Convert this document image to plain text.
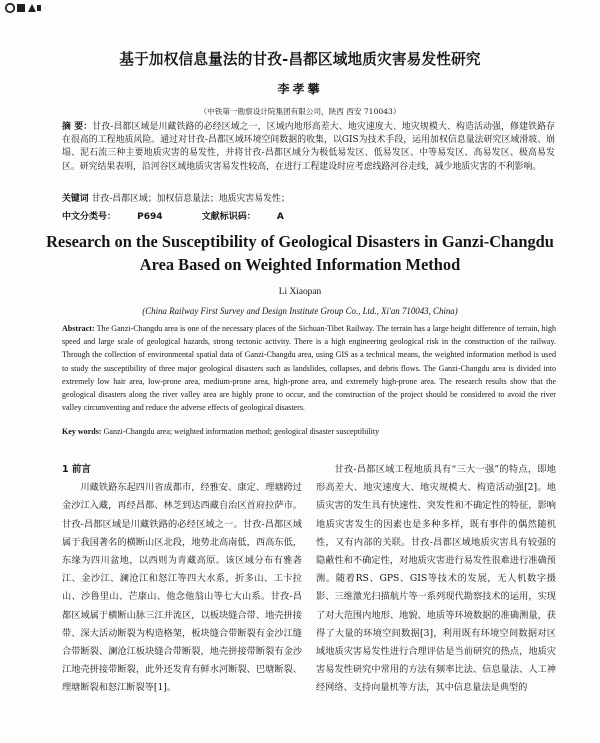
基于加权信息量法的甘孜-昌都区域地质灾害易发性研究
李孝攀
（中铁第一勘察设计院集团有限公司，陕西 西安 710043）
摘 要：甘孜-昌都区域是川藏铁路的必经区域之一，区域内地形高差大、地灾速度大、地灾规模大、构造活动强，修建铁路存在很高的工程地质风险。通过对甘孜-昌都区域环境空间数据的收集，以GIS为技术手段，运用加权信息量法研究区域滑坡、崩塌、泥石流三种主要地质灾害的易发性，并将甘孜-昌都区域分为极低易发区、低易发区、中等易发区、高易发区、极高易发区。研究结果表明，沿河谷区域地质灾害易发性较高，在进行工程建设时应考虑线路河谷走线，减少地质灾害的不利影响。
关键词 甘孜-昌都区域；加权信息量法；地质灾害易发性；
中文分类号： P694	文献标识码： A
Research on the Susceptibility of Geological Disasters in Ganzi-Changdu
Area Based on Weighted Information Method
Li Xiaopan
(China Railway First Survey and Design Institute Group Co., Ltd., Xi'an 710043, China)
Abstract: The Ganzi-Changdu area is one of the necessary places of the Sichuan-Tibet Railway. The terrain has a large height difference of terrain, high speed and large scale of geological hazards, strong tectonic activity. There is a high engineering geological risk in the construction of the railway. Through the collection of environmental spatial data of Ganzi-Changdu area, using GIS as a technical means, the weighted information method is used to study the susceptibility of three major geological disasters such as landslides, collapses, and debris flows. The Ganzi-Changdu area is divided into extremely low hair area, low-prone area, medium-prone area, high-prone area, and extremely high-prone area. The research results show that the geological disasters along the river valley area are highly prone to occur, and the construction of the project should be considered to avoid the river valley circumventing and reduce the adverse effects of geological disasters.
Key words: Ganzi-Changdu area; weighted information method; geological disaster susceptibility
1 前言

川藏铁路东起四川省成都市，经雅安、康定、理塘跨过金沙江入藏，再经昌都、林芝到达西藏自治区首府拉萨市。甘孜-昌都区域是川藏铁路的必经区域之一。甘孜-昌都区域属于我国著名的横断山区北段，地势北高南低，西高东低，东缘为四川盆地，以西则为青藏高原。该区域分布有雅砻江、金沙江、澜沧江和怒江等四大水系，折多山、工卡拉山、沙鲁里山、芒康山、他念他翁山等七大山系。甘孜-昌都区域属于横断山脉三江并流区，以板块缝合带、地壳拼接带、深大活动断裂为构造格架，板块缝合带断裂有金沙江缝合带断裂、澜沧江板块缝合带断裂，地壳拼接带断裂有金沙江地壳拼接带断裂，此外还发育有鲜水河断裂、巴塘断裂、理塘断裂和怒江断裂等[1]。

甘孜-昌都区域工程地质具有“三大一强”的特点，即地形高差大、地灾速度大、地灾规模大、构造活动强[2]。地质灾害的发生具有快速性、突发性和不确定性的特征，影响地质灾害发生的因素也是多种多样，既有事件的偶然随机性，又有内部的关联。甘孜-昌都区域地质灾害具有较强的隐蔽性和不确定性，对地质灾害进行易发性很难进行准确预测。随着RS、GPS、GIS等技术的发展，无人机数字摄影、三维激光扫描航片等一系列现代勘察技术的运用，实现了对大范围内地形、地貌、地质等环境数据的准确测量，获得了大量的环境空间数据[3]，利用既有环境空间数据对区域地质灾害易发性进行合理评估是当前研究的热点，地质灾害易发性研究中常用的方法有频率比法、信息量法、人工神经网络、支持向量机等方法，其中信息量法是典型的
